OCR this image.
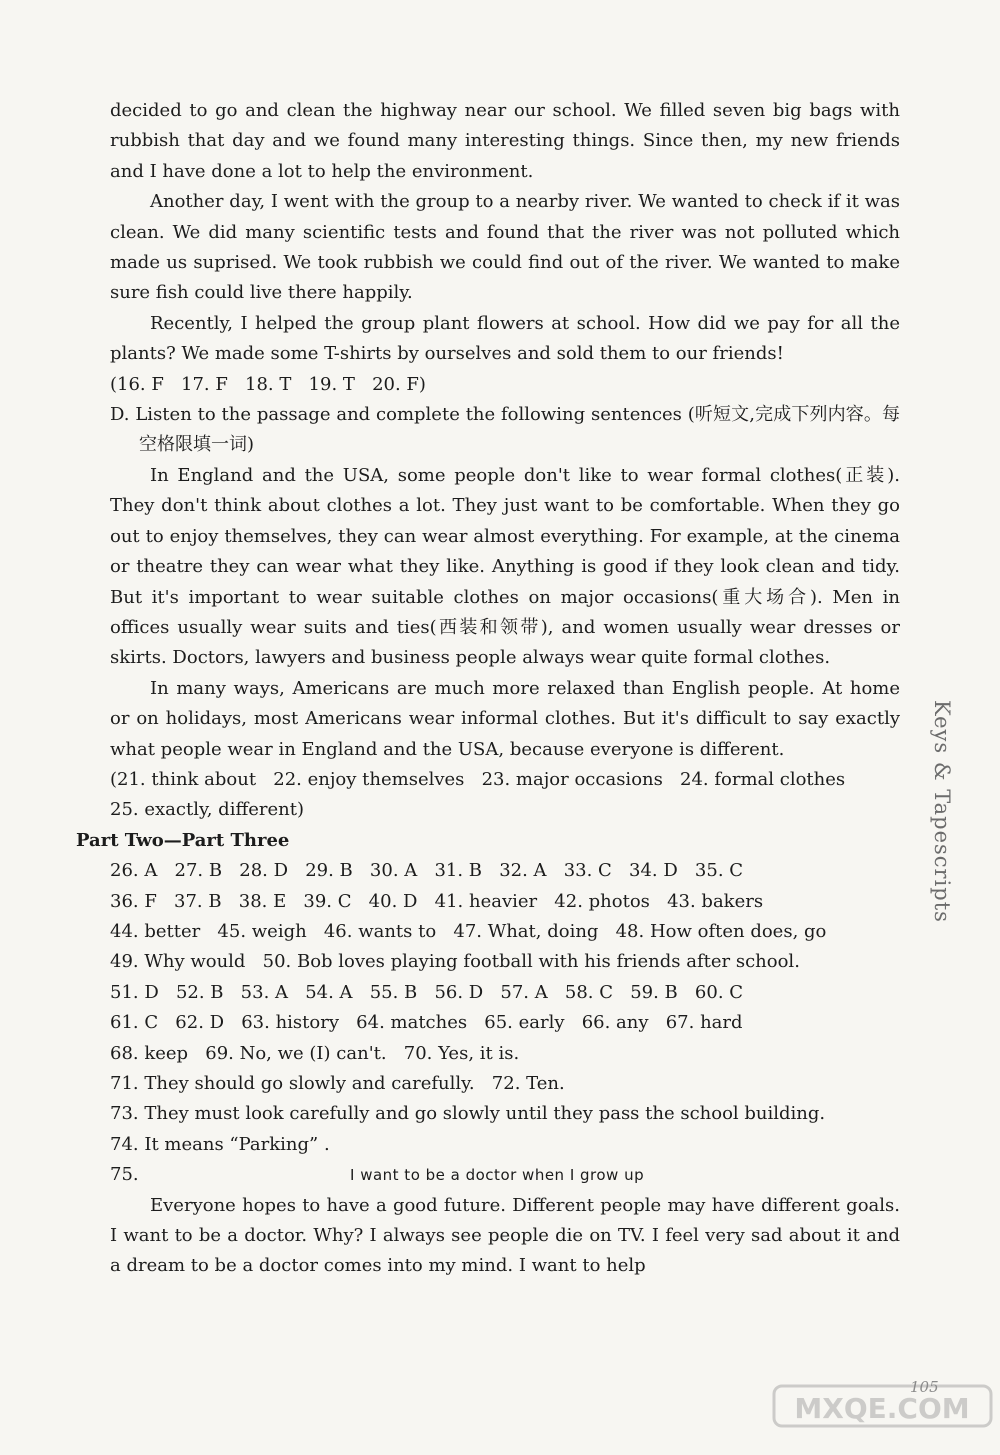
decided to go and clean the highway near our school. We filled seven big bags with rubbish that day and we found many interesting things. Since then, my new friends and I have done a lot to help the environment.

Another day, I went with the group to a nearby river. We wanted to check if it was clean. We did many scientific tests and found that the river was not polluted which made us suprised. We took rubbish we could find out of the river. We wanted to make sure fish could live there happily.

Recently, I helped the group plant flowers at school. How did we pay for all the plants? We made some T-shirts by ourselves and sold them to our friends!

(16. F   17. F   18. T   19. T   20. F)

D. Listen to the passage and complete the following sentences (听短文,完成下列内容。每空格限填一词)

In England and the USA, some people don't like to wear formal clothes(正装). They don't think about clothes a lot. They just want to be comfortable. When they go out to enjoy themselves, they can wear almost everything. For example, at the cinema or theatre they can wear what they like. Anything is good if they look clean and tidy. But it's important to wear suitable clothes on major occasions(重大场合). Men in offices usually wear suits and ties(西装和领带), and women usually wear dresses or skirts. Doctors, lawyers and business people always wear quite formal clothes.

In many ways, Americans are much more relaxed than English people. At home or on holidays, most Americans wear informal clothes. But it's difficult to say exactly what people wear in England and the USA, because everyone is different.

(21. think about   22. enjoy themselves   23. major occasions   24. formal clothes

25. exactly, different)

Part Two—Part Three

26. A   27. B   28. D   29. B   30. A   31. B   32. A   33. C   34. D   35. C

36. F   37. B   38. E   39. C   40. D   41. heavier   42. photos   43. bakers

44. better   45. weigh   46. wants to   47. What, doing   48. How often does, go

49. Why would   50. Bob loves playing football with his friends after school.

51. D   52. B   53. A   54. A   55. B   56. D   57. A   58. C   59. B   60. C

61. C   62. D   63. history   64. matches   65. early   66. any   67. hard

68. keep   69. No, we (I) can't.   70. Yes, it is.

71. They should go slowly and carefully.   72. Ten.

73. They must look carefully and go slowly until they pass the school building.

74. It means “Parking” .

75.	I want to be a doctor when I grow up

Everyone hopes to have a good future. Different people may have different goals. I want to be a doctor. Why? I always see people die on TV. I feel very sad about it and a dream to be a doctor comes into my mind. I want to help

Keys & Tapescripts
MXQE.COM
105
